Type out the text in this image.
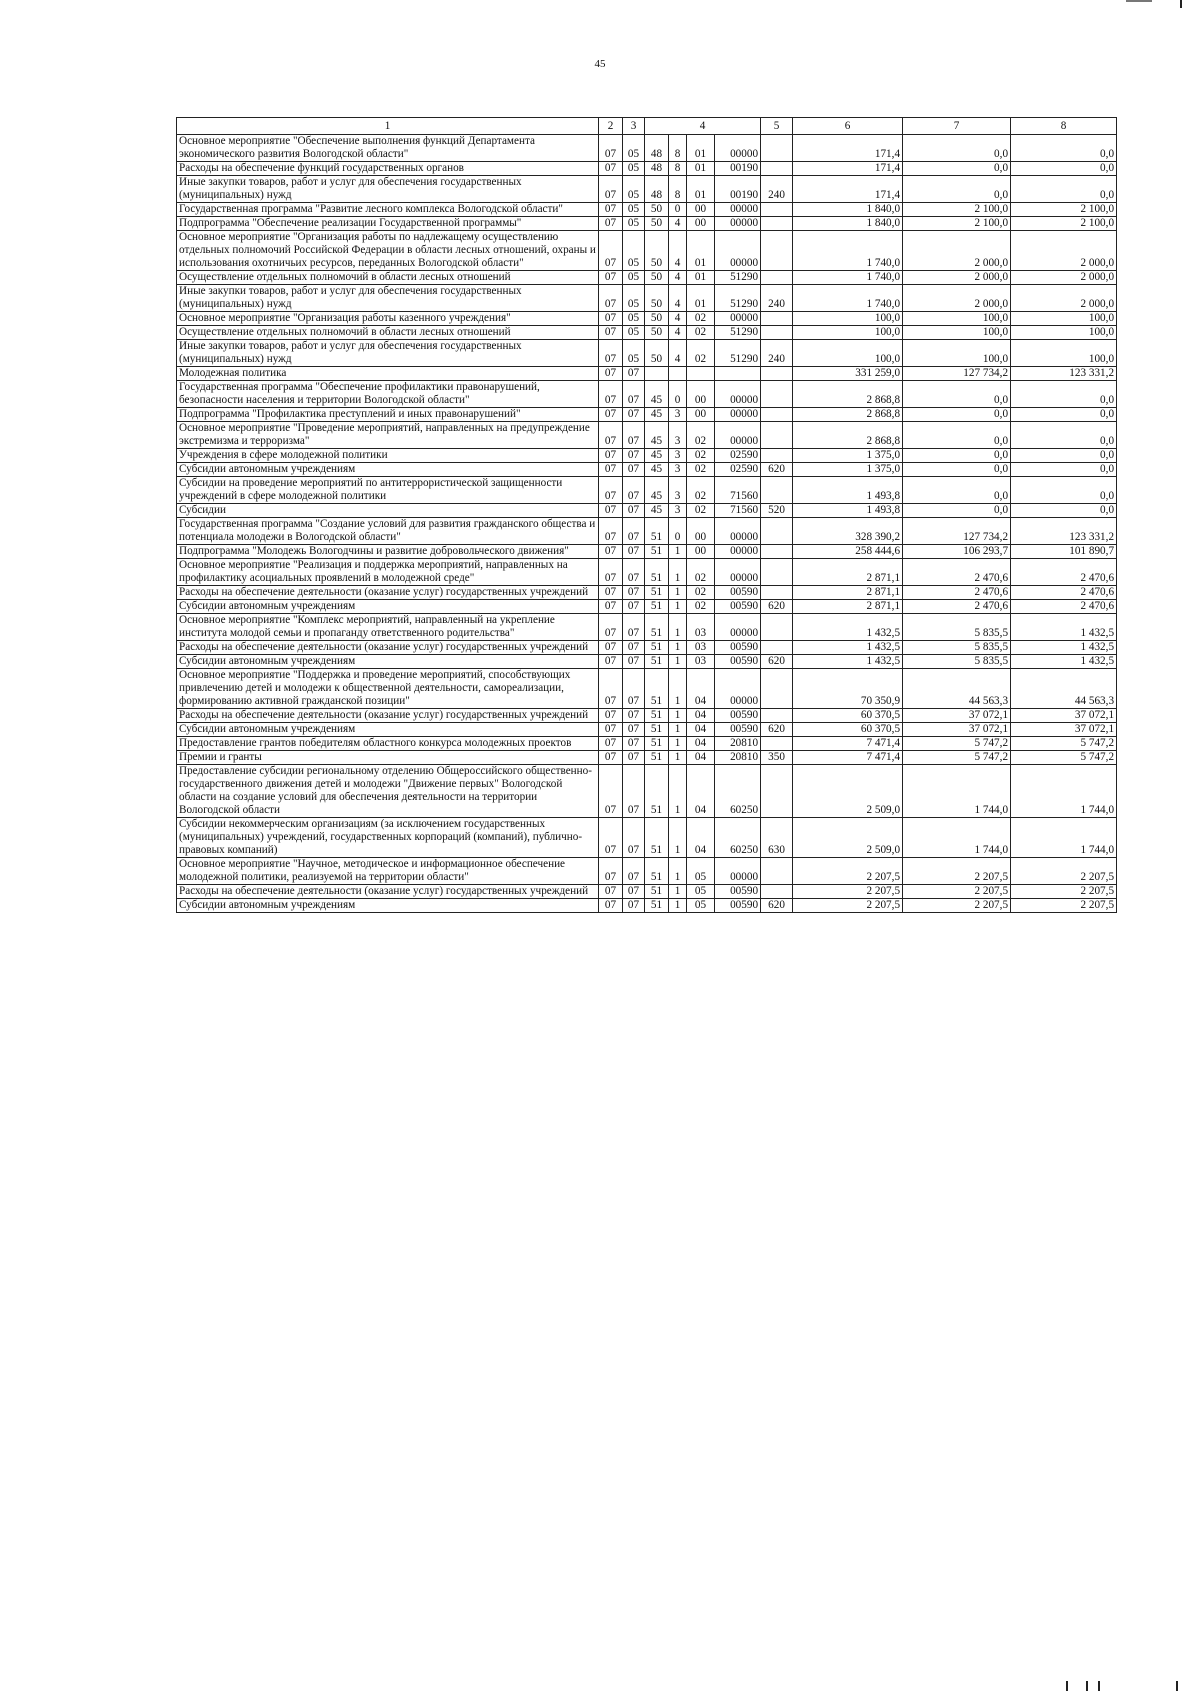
45
1	2	3	4				5	6	7	8
Основное мероприятие "Обеспечение выполнения функций Департамента экономического развития Вологодской области"	07	05	48	8	01	00000		171,4	0,0	0,0
Расходы на обеспечение функций государственных органов	07	05	48	8	01	00190		171,4	0,0	0,0
Иные закупки товаров, работ и услуг для обеспечения государственных (муниципальных) нужд	07	05	48	8	01	00190	240	171,4	0,0	0,0
Государственная программа "Развитие лесного комплекса Вологодской области"	07	05	50	0	00	00000		1 840,0	2 100,0	2 100,0
Подпрограмма "Обеспечение реализации Государственной программы"	07	05	50	4	00	00000		1 840,0	2 100,0	2 100,0
Основное мероприятие "Организация работы по надлежащему осуществлению отдельных полномочий Российской Федерации в области лесных отношений, охраны и использования охотничьих ресурсов, переданных Вологодской области"	07	05	50	4	01	00000		1 740,0	2 000,0	2 000,0
Осуществление отдельных полномочий в области лесных отношений	07	05	50	4	01	51290		1 740,0	2 000,0	2 000,0
Иные закупки товаров, работ и услуг для обеспечения государственных (муниципальных) нужд	07	05	50	4	01	51290	240	1 740,0	2 000,0	2 000,0
Основное мероприятие "Организация работы казенного учреждения"	07	05	50	4	02	00000		100,0	100,0	100,0
Осуществление отдельных полномочий в области лесных отношений	07	05	50	4	02	51290		100,0	100,0	100,0
Иные закупки товаров, работ и услуг для обеспечения государственных (муниципальных) нужд	07	05	50	4	02	51290	240	100,0	100,0	100,0
Молодежная политика	07	07						331 259,0	127 734,2	123 331,2
Государственная программа "Обеспечение профилактики правонарушений, безопасности населения и территории Вологодской области"	07	07	45	0	00	00000		2 868,8	0,0	0,0
Подпрограмма "Профилактика преступлений и иных правонарушений"	07	07	45	3	00	00000		2 868,8	0,0	0,0
Основное мероприятие "Проведение мероприятий, направленных на предупреждение экстремизма и терроризма"	07	07	45	3	02	00000		2 868,8	0,0	0,0
Учреждения в сфере молодежной политики	07	07	45	3	02	02590		1 375,0	0,0	0,0
Субсидии автономным учреждениям	07	07	45	3	02	02590	620	1 375,0	0,0	0,0
Субсидии на проведение мероприятий по антитеррористической защищенности учреждений в сфере молодежной политики	07	07	45	3	02	71560		1 493,8	0,0	0,0
Субсидии	07	07	45	3	02	71560	520	1 493,8	0,0	0,0
Государственная программа "Создание условий для развития гражданского общества и потенциала молодежи в Вологодской области"	07	07	51	0	00	00000		328 390,2	127 734,2	123 331,2
Подпрограмма "Молодежь Вологодчины и развитие добровольческого движения"	07	07	51	1	00	00000		258 444,6	106 293,7	101 890,7
Основное мероприятие "Реализация и поддержка мероприятий, направленных на профилактику асоциальных проявлений в молодежной среде"	07	07	51	1	02	00000		2 871,1	2 470,6	2 470,6
Расходы на обеспечение деятельности (оказание услуг) государственных учреждений	07	07	51	1	02	00590		2 871,1	2 470,6	2 470,6
Субсидии автономным учреждениям	07	07	51	1	02	00590	620	2 871,1	2 470,6	2 470,6
Основное мероприятие "Комплекс мероприятий, направленный на укрепление института молодой семьи и пропаганду ответственного родительства"	07	07	51	1	03	00000		1 432,5	5 835,5	1 432,5
Расходы на обеспечение деятельности (оказание услуг) государственных учреждений	07	07	51	1	03	00590		1 432,5	5 835,5	1 432,5
Субсидии автономным учреждениям	07	07	51	1	03	00590	620	1 432,5	5 835,5	1 432,5
Основное мероприятие "Поддержка и проведение мероприятий, способствующих привлечению детей и молодежи к общественной деятельности, самореализации, формированию активной гражданской позиции"	07	07	51	1	04	00000		70 350,9	44 563,3	44 563,3
Расходы на обеспечение деятельности (оказание услуг) государственных учреждений	07	07	51	1	04	00590		60 370,5	37 072,1	37 072,1
Субсидии автономным учреждениям	07	07	51	1	04	00590	620	60 370,5	37 072,1	37 072,1
Предоставление грантов победителям областного конкурса молодежных проектов	07	07	51	1	04	20810		7 471,4	5 747,2	5 747,2
Премии и гранты	07	07	51	1	04	20810	350	7 471,4	5 747,2	5 747,2
Предоставление субсидии региональному отделению Общероссийского общественно-государственного движения детей и молодежи "Движение первых" Вологодской области на создание условий для обеспечения деятельности на территории Вологодской области	07	07	51	1	04	60250		2 509,0	1 744,0	1 744,0
Субсидии некоммерческим организациям (за исключением государственных (муниципальных) учреждений, государственных корпораций (компаний), публично-правовых компаний)	07	07	51	1	04	60250	630	2 509,0	1 744,0	1 744,0
Основное мероприятие "Научное, методическое и информационное обеспечение молодежной политики, реализуемой на территории области"	07	07	51	1	05	00000		2 207,5	2 207,5	2 207,5
Расходы на обеспечение деятельности (оказание услуг) государственных учреждений	07	07	51	1	05	00590		2 207,5	2 207,5	2 207,5
Субсидии автономным учреждениям	07	07	51	1	05	00590	620	2 207,5	2 207,5	2 207,5
